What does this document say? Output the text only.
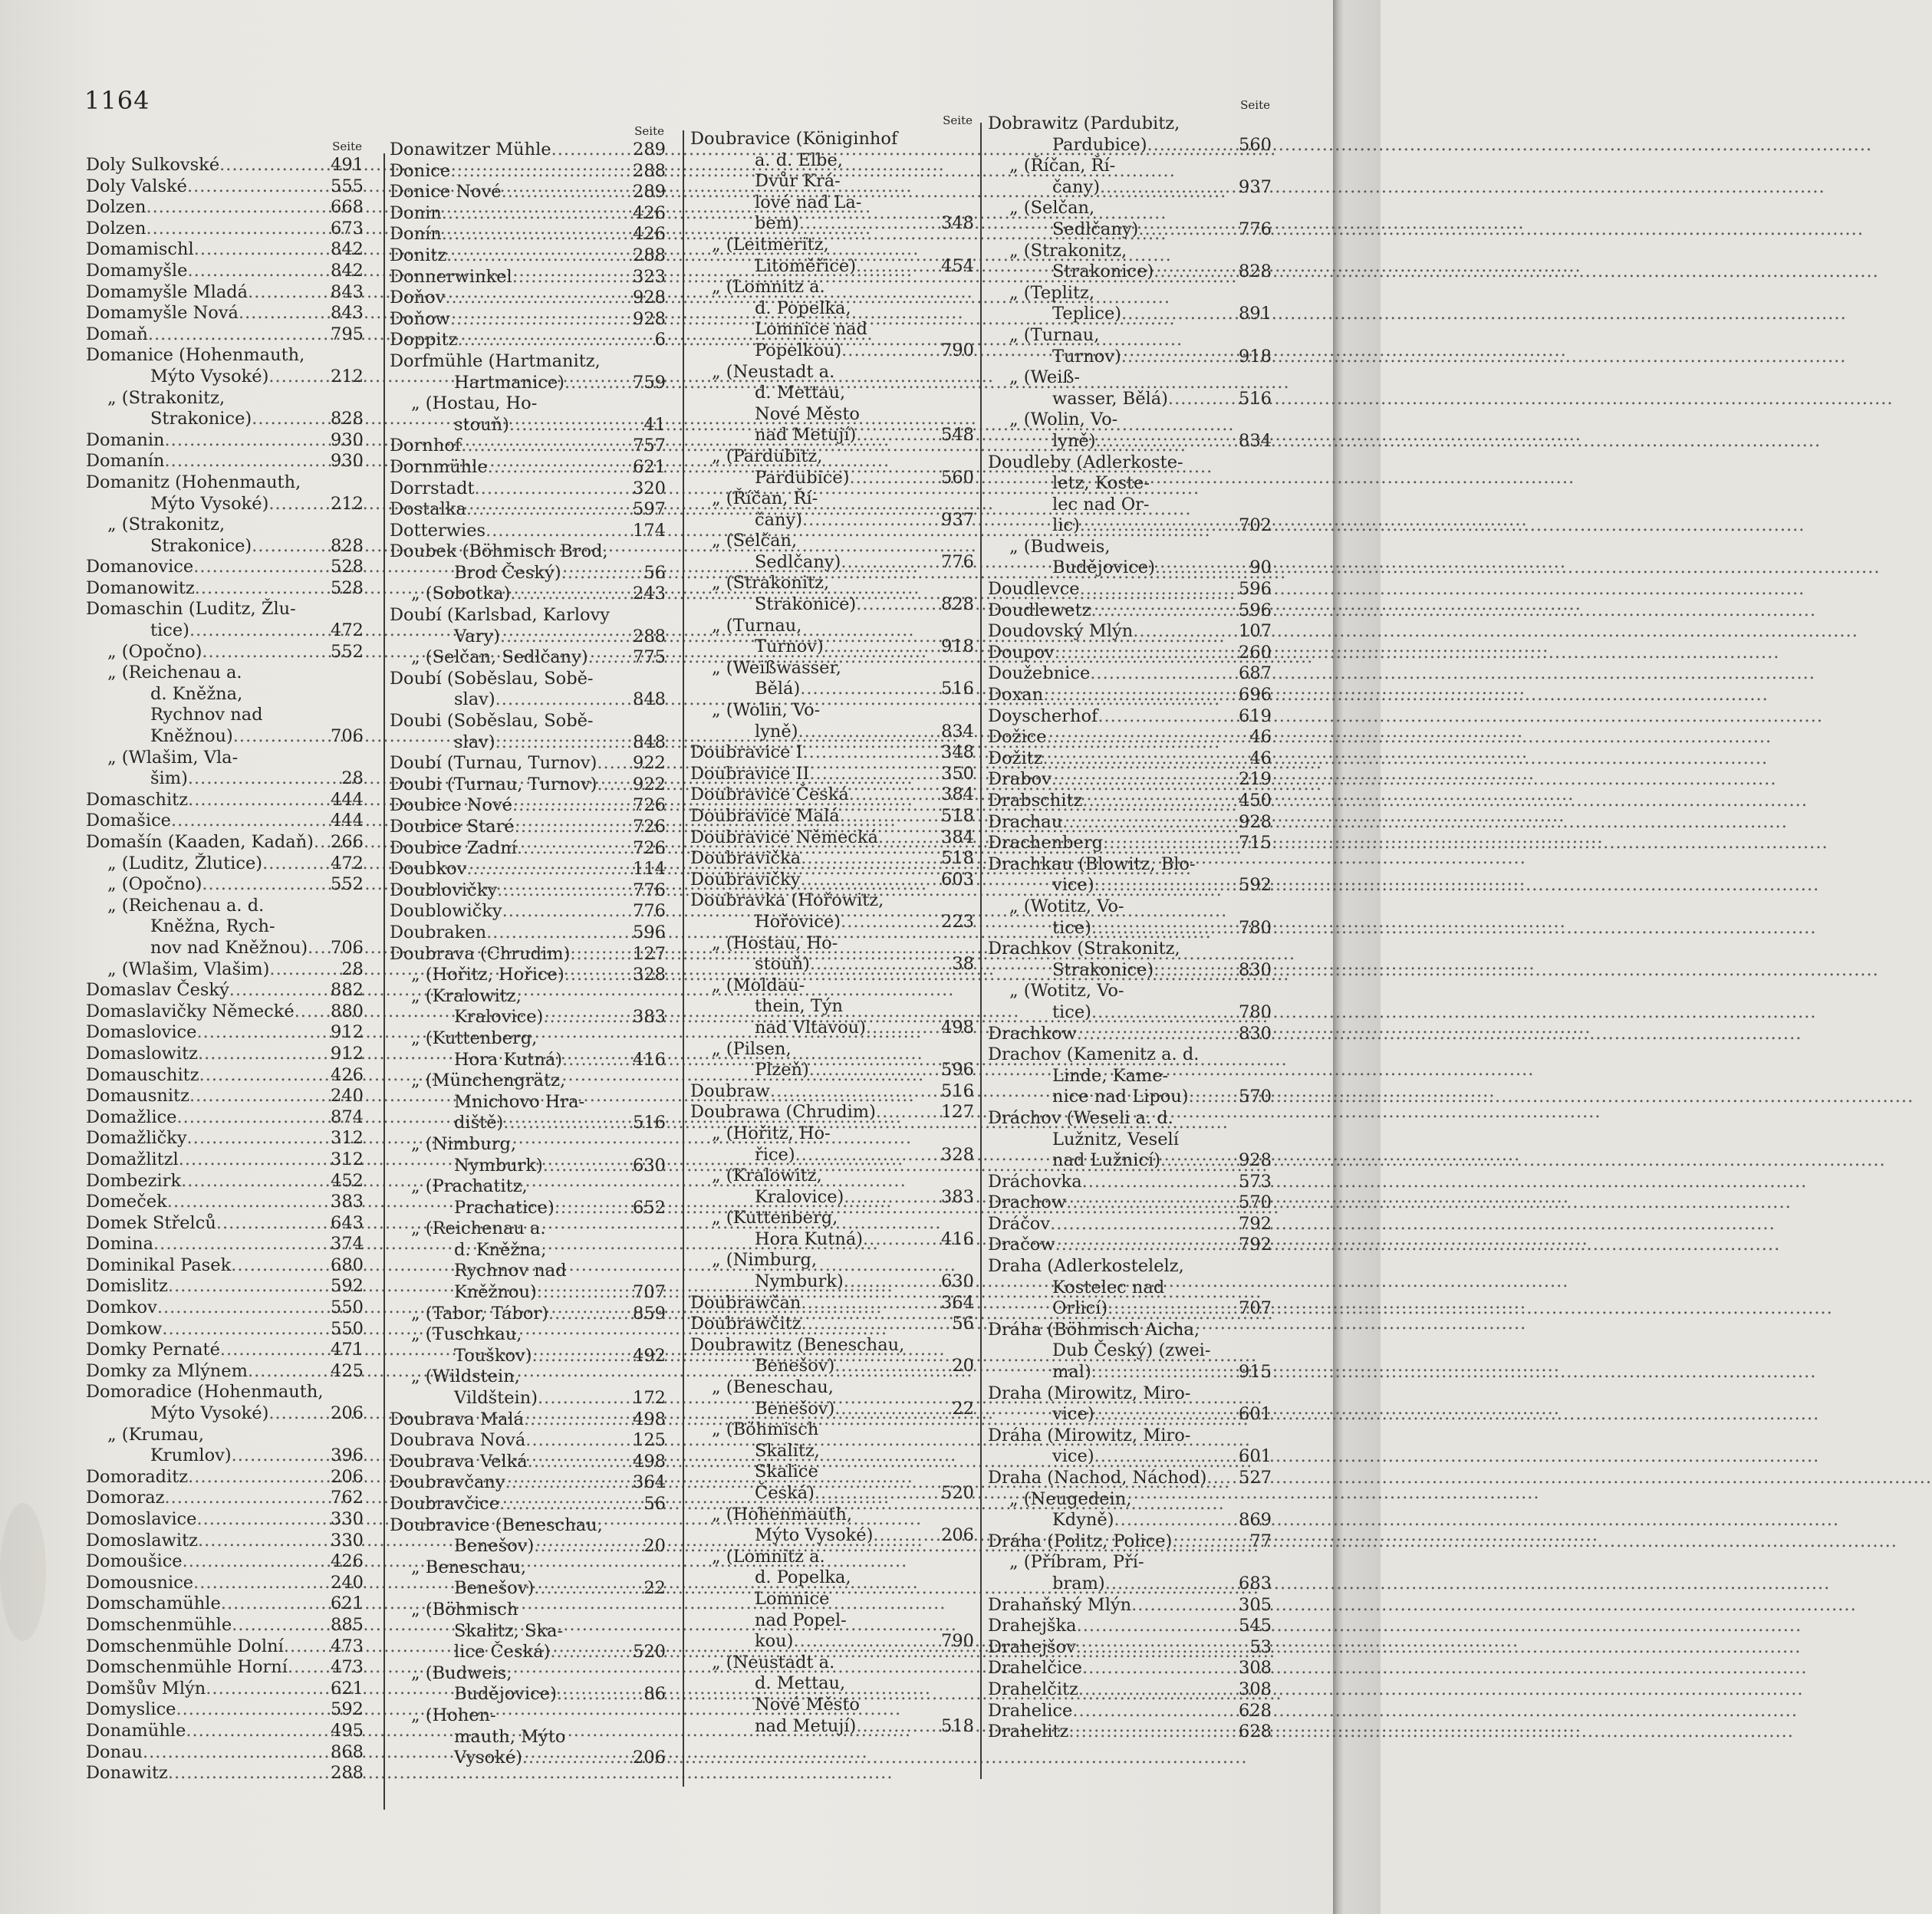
1164
Seite
Doly Sulkovské .....	491
Doly Valské .....	555
Dolzen .....	668
Dolzen .....	673
Domamischl .....	842
Domamyšle .....	842
Domamyšle Mladá .....	843
Domamyšle Nová .....	843
Domaň .....	795
Domanice (Hohenmauth,
Mýto Vysoké) .....	212
„ (Strakonitz,
Strakonice) .....	828
Domanin .....	930
Domanín .....	930
Domanitz (Hohenmauth,
Mýto Vysoké) .....	212
„ (Strakonitz,
Strakonice) .....	828
Domanovice .....	528
Domanowitz .....	528
Domaschin (Luditz, Žlu-
tice) .....	472
„ (Opočno) .....	552
„ (Reichenau a.
d. Kněžna,
Rychnov nad
Kněžnou) .....	706
„ (Wlašim, Vla-
šim) .....	28
Domaschitz .....	444
Domašice .....	444
Domašín (Kaaden, Kadaň) ..... 266
„ (Luditz, Žlutice) .....	472
„ (Opočno) .....	552
„ (Reichenau a. d.
Kněžna, Rych-
nov nad Kněžnou) ..... 706
„ (Wlašim, Vlašim) .....	28
Domaslav Český .....	882
Domaslavičky Německé ..... 880
Domaslovice .....	912
Domaslowitz .....	912
Domauschitz .....	426
Domausnitz .....	240
Domažlice .....	874
Domažličky .....	312
Domažlitzl .....	312
Dombezirk .....	452
Domeček .....	383
Domek Střelců .....	643
Domina .....	374
Dominikal Pasek .....	680
Domislitz .....	592
Domkov .....	550
Domkow .....	550
Domky Pernaté .....	471
Domky za Mlýnem .....	425
Domoradice (Hohenmauth,
Mýto Vysoké) .....	206
„ (Krumau,
Krumlov) .....	396
Domoraditz .....	206
Domoraz .....	762
Domoslavice .....	330
Domoslawitz .....	330
Domoušice .....	426
Domousnice .....	240
Domschamühle .....	621
Domschenmühle .....	885
Domschenmühle Dolní .....	473
Domschenmühle Horní ..... 473
Domšův Mlýn .....	621
Domyslice .....	592
Donamühle .....	495
Donau .....	868
Donawitz .....	288
Seite
Donawitzer Mühle .....	289
Donice .....	288
Donice Nové .....	289
Donin .....	426
Donín .....	426
Donitz .....	288
Donnerwinkel .....	323
Doňov .....	928
Doňow .....	928
Doppitz .....	6
Dorfmühle (Hartmanitz,
Hartmanice) .....	759
„ (Hostau, Ho-
stouň) .....	41
Dornhof .....	757
Dornmühle .....	621
Dorrstadt .....	320
Dostalka .....	597
Dotterwies .....	174
Doubek (Böhmisch Brod,
Brod Český) .....	56
„ (Sobotka) .....	243
Doubí (Karlsbad, Karlovy
Vary) .....	288
„ (Selčan, Sedlčany) .....	775
Doubí (Soběslau, Sobě-
slav) .....	848
Doubi (Soběslau, Sobě-
slav) .....	848
Doubí (Turnau, Turnov) ..... 922
Doubi (Turnau, Turnov) ..... 922
Doubice Nové .....	726
Doubice Staré .....	726
Doubice Zadní .....	726
Doubkov .....	114
Doublovičky .....	776
Doublowičky .....	776
Doubraken .....	596
Doubrava (Chrudim) .....	127
„ (Hořitz, Hořice) .....	328
„ (Kralowitz,
Kralovice) .....	383
„ (Kuttenberg,
Hora Kutná) .....	416
„ (Münchengrätz,
Mnichovo Hra-
diště) .....	516
„ (Nimburg,
Nymburk) .....	630
„ (Prachatitz,
Prachatice) .....	652
„ (Reichenau a.
d. Kněžna,
Rychnov nad
Kněžnou) .....	707
„ (Tabor, Tábor) .....	859
„ (Tuschkau,
Touškov) .....	492
„ (Wildstein,
Vildštein) .....	172
Doubrava Malá .....	498
Doubrava Nová .....	125
Doubrava Velká .....	498
Doubravčany .....	364
Doubravčice .....	56
Doubravice (Beneschau,
Benešov) .....	20
„ Beneschau,
Benešov) .....	22
„ (Böhmisch
Skalitz, Ska-
lice Česká) .....	520
„ (Budweis,
Budějovice) .....	86
„ (Hohen-
mauth, Mýto
Vysoké) .....	206
Seite
Doubravice (Königinhof
a. d. Elbe,
Dvůr Krá-
lové nad La-
bem) .....	348
„ (Leitmeritz,
Litoměřice) .....	454
„ (Lomnitz a.
d. Popelka,
Lomnice nad
Popelkou) .....	790
„ (Neustadt a.
d. Mettau,
Nové Město
nad Metují) .....	548
„ (Pardubitz,
Pardubice) .....	560
„ (Říčan, Ří-
čany) .....	937
„ (Selčan,
Sedlčany) .....	776
„ (Strakonitz,
Strakonice) .....	828
„ (Turnau,
Turnov) .....	918
„ (Weißwasser,
Bělá) .....	516
„ (Wolin, Vo-
lyně) .....	834
Doubravice I .....	348
Doubravice II .....	350
Doubravice Česká .....	384
Doubravice Malá .....	518
Doubravice Německá .....	384
Doubravička .....	518
Doubravičky .....	603
Doubravka (Hořowitz,
Hořovice) .....	223
„ (Hostau, Ho-
stouň) .....	38
„ (Moldau-
thein, Týn
nad Vltavou) .....	498
„ (Pilsen,
Plzeň) .....	596
Doubraw .....	516
Doubrawa (Chrudim) .....	127
„ (Hořitz, Ho-
řice) .....	328
„ (Kralowitz,
Kralovice) .....	383
„ (Kuttenberg,
Hora Kutná) .....	416
„ (Nimburg,
Nymburk) .....	630
Doubrawčan .....	364
Doubrawčitz .....	56
Doubrawitz (Beneschau,
Benešov) .....	20
„ (Beneschau,
Benešov) .....	22
„ (Böhmisch
Skalitz,
Skalice
Česká) .....	520
„ (Hohenmauth,
Mýto Vysoké) .....	206
„ (Lomnitz a.
d. Popelka,
Lomnice
nad Popel-
kou) .....	790
„ (Neustadt a.
d. Mettau,
Nové Město
nad Metují) .....	518
Seite
Dobrawitz (Pardubitz,
Pardubice) .....	560
„ (Říčan, Ří-
čany) .....	937
„ (Selčan,
Sedlčany) .....	776
„ (Strakonitz,
Strakonice) .....	828
„ (Teplitz,
Teplice) .....	891
„ (Turnau,
Turnov) .....	918
„ (Weiß-
wasser, Bělá) .....	516
„ (Wolin, Vo-
lyně) .....	834
Doudleby (Adlerkoste-
letz, Koste-
lec nad Or-
lic) .....	702
„ (Budweis,
Budějovice) .....	90
Doudlevce .....	596
Doudlewetz .....	596
Doudovský Mlýn .....	107
Doupov .....	260
Doužebnice .....	687
Doxan .....	696
Doyscherhof .....	619
Dožice .....	46
Dožitz .....	46
Drabov .....	219
Drabschitz .....	450
Drachau .....	928
Drachenberg .....	715
Drachkau (Blowitz, Blo-
vice) .....	592
„ (Wotitz, Vo-
tice) .....	780
Drachkov (Strakonitz,
Strakonice) .....	830
„ (Wotitz, Vo-
tice) .....	780
Drachkow .....	830
Drachov (Kamenitz a. d.
Linde, Kame-
nice nad Lipou) .....	570
Dráchov (Weseli a. d.
Lužnitz, Veselí
nad Lužnicí) .....	928
Dráchovka .....	573
Drachow .....	570
Dráčov .....	792
Dračow .....	792
Draha (Adlerkostelelz,
Kostelec nad
Orlicí) .....	707
Dráha (Böhmisch Aicha,
Dub Český) (zwei-
mal) .....	915
Draha (Mirowitz, Miro-
vice) .....	601
Dráha (Mirowitz, Miro-
vice) .....	601
Draha (Nachod, Náchod) ..... 527
„ (Neugedein,
Kdyně) .....	869
Dráha (Politz, Police) .....	77
„ (Příbram, Pří-
bram) .....	683
Drahaňský Mlýn .....	305
Drahejška .....	545
Drahejšov .....	53
Drahelčice .....	308
Drahelčitz .....	308
Drahelice .....	628
Drahelitz .....	628
